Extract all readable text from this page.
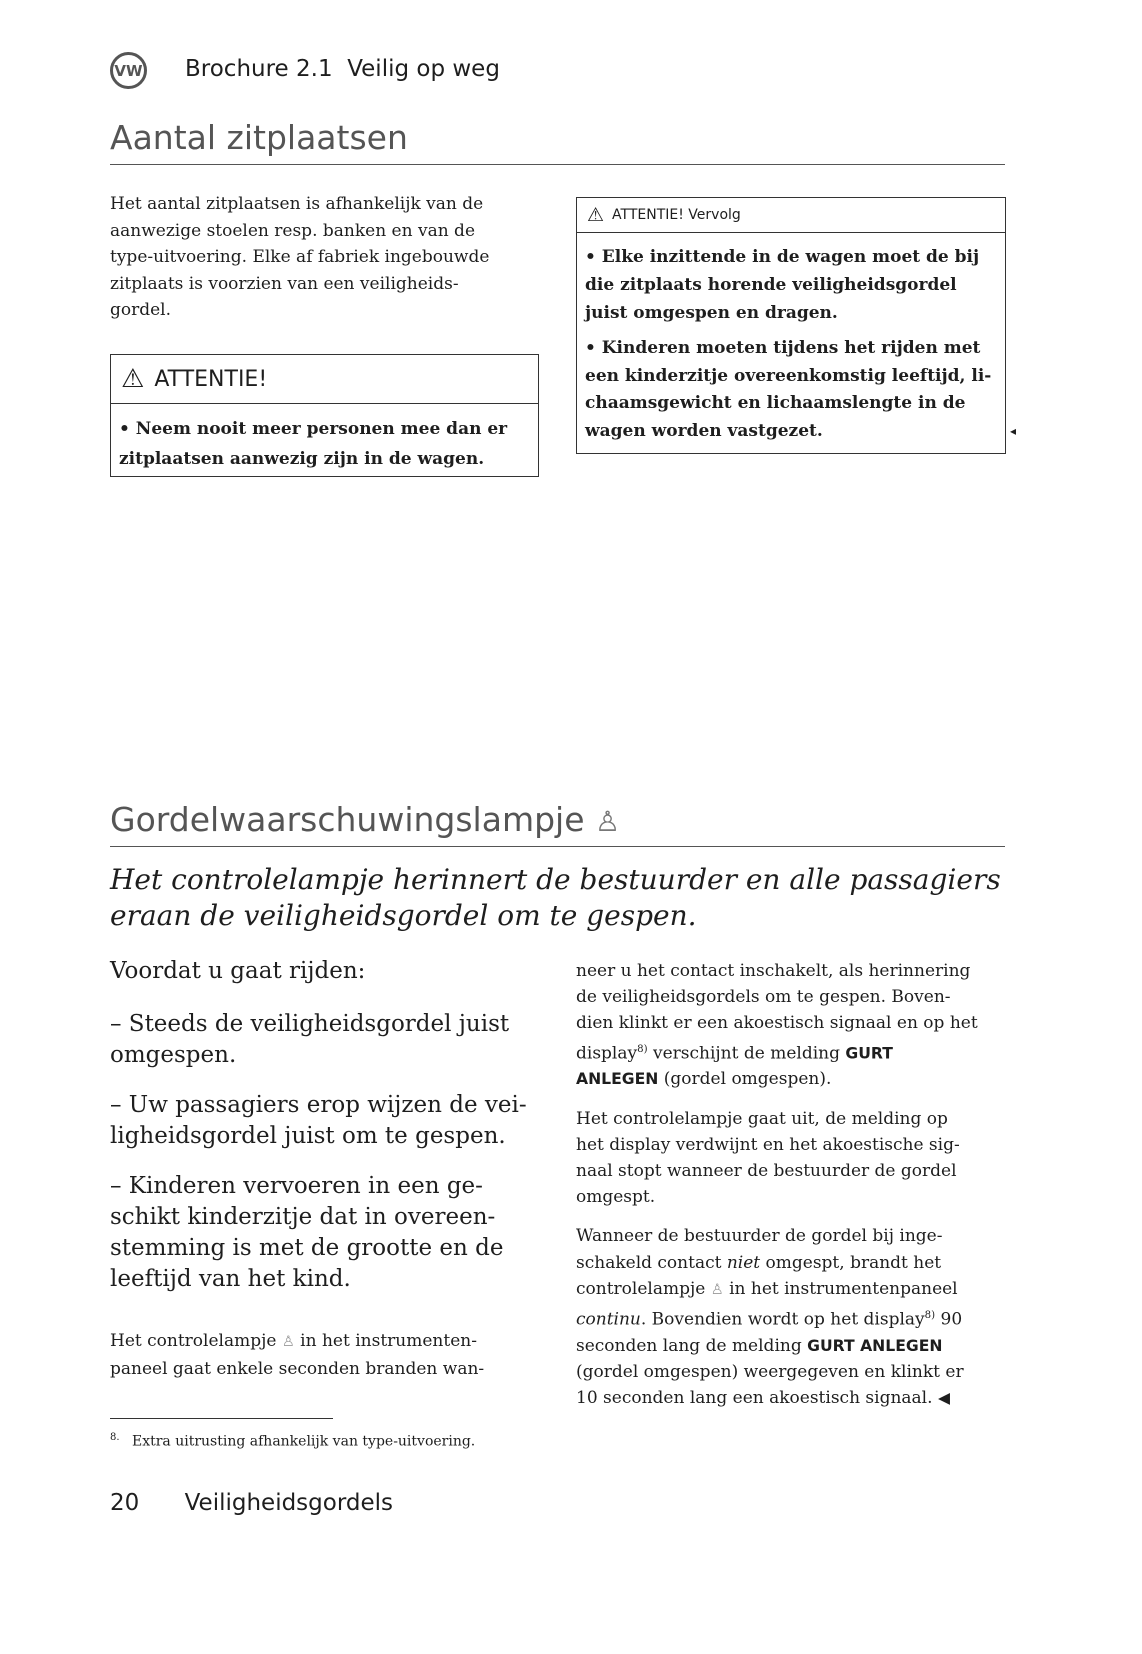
VW Brochure 2.1  Veilig op weg
Aantal zitplaatsen
Het aantal zitplaatsen is afhankelijk van de
aanwezige stoelen resp. banken en van de
type-uitvoering. Elke af fabriek ingebouwde
zitplaats is voorzien van een veiligheids-
gordel.
⚠ ATTENTIE!
• Neem nooit meer personen mee dan er
zitplaatsen aanwezig zijn in de wagen.
⚠ ATTENTIE! Vervolg
• Elke inzittende in de wagen moet de bij
die zitplaats horende veiligheidsgordel
juist omgespen en dragen.
• Kinderen moeten tijdens het rijden met
een kinderzitje overeenkomstig leeftijd, li-
chaamsgewicht en lichaamslengte in de
wagen worden vastgezet.	◂
Gordelwaarschuwingslampje ♙
Het controlelampje herinnert de bestuurder en alle passagiers
eraan de veiligheidsgordel om te gespen.
Voordat u gaat rijden:
– Steeds de veiligheidsgordel juist
omgespen.
– Uw passagiers erop wijzen de vei-
ligheidsgordel juist om te gespen.
– Kinderen vervoeren in een ge-
schikt kinderzitje dat in overeen-
stemming is met de grootte en de
leeftijd van het kind.
Het controlelampje ♙ in het instrumenten-
paneel gaat enkele seconden branden wan-
neer u het contact inschakelt, als herinnering
de veiligheidsgordels om te gespen. Boven-
dien klinkt er een akoestisch signaal en op het
display$^{8)}$ verschijnt de melding GURT
ANLEGEN (gordel omgespen).
Het controlelampje gaat uit, de melding op
het display verdwijnt en het akoestische sig-
naal stopt wanneer de bestuurder de gordel
omgespt.
Wanneer de bestuurder de gordel bij inge-
schakeld contact niet omgespt, brandt het
controlelampje ♙ in het instrumentenpaneel
continu. Bovendien wordt op het display$^{8)}$ 90
seconden lang de melding GURT ANLEGEN
(gordel omgespen) weergegeven en klinkt er
10 seconden lang een akoestisch signaal. ◀
$^{8.}$ Extra uitrusting afhankelijk van type-uitvoering.
20 Veiligheidsgordels
